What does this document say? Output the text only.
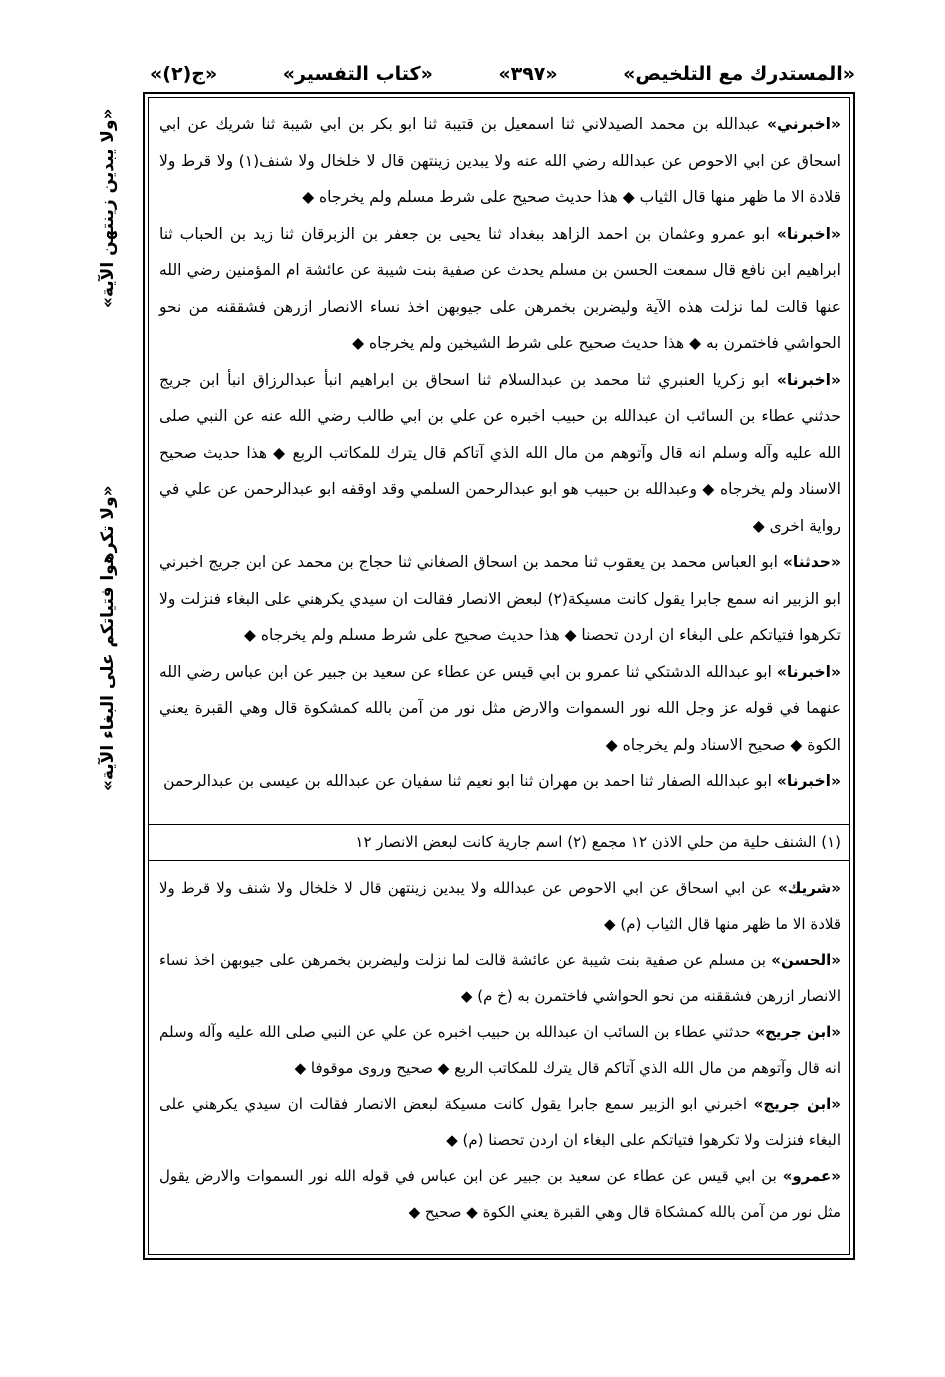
«المستدرك مع التلخيص»
«۳۹۷»
«كتاب التفسير»
«ج(۲)»
«ولا يبدين زينتهن الآية»
«ولا تكرهوا فتياتكم على البغاء الآية»

«اخبرني» عبدالله بن محمد الصيدلاني ثنا اسمعيل بن قتيبة ثنا ابو بكر بن ابي شيبة ثنا شريك عن ابي اسحاق عن ابي الاحوص عن عبدالله رضي الله عنه ولا يبدين زينتهن قال لا خلخال ولا شنف(۱) ولا قرط ولا قلادة الا ما ظهر منها قال الثياب ◆ هذا حديث صحيح على شرط مسلم ولم يخرجاه ◆

«اخبرنا» ابو عمرو وعثمان بن احمد الزاهد ببغداد ثنا يحيى بن جعفر بن الزبرقان ثنا زيد بن الحباب ثنا ابراهيم ابن نافع قال سمعت الحسن بن مسلم يحدث عن صفية بنت شيبة عن عائشة ام المؤمنين رضي الله عنها قالت لما نزلت هذه الآية وليضربن بخمرهن على جيوبهن اخذ نساء الانصار ازرهن فشققنه من نحو الحواشي فاختمرن به ◆ هذا حديث صحيح على شرط الشيخين ولم يخرجاه ◆

«اخبرنا» ابو زكريا العنبري ثنا محمد بن عبدالسلام ثنا اسحاق بن ابراهيم انبأ عبدالرزاق انبأ ابن جريج حدثني عطاء بن السائب ان عبدالله بن حبيب اخبره عن علي بن ابي طالب رضي الله عنه عن النبي صلى الله عليه وآله وسلم انه قال وآتوهم من مال الله الذي آتاكم قال يترك للمكاتب الربع ◆ هذا حديث صحيح الاسناد ولم يخرجاه ◆ وعبدالله بن حبيب هو ابو عبدالرحمن السلمي وقد اوقفه ابو عبدالرحمن عن علي في رواية اخرى ◆

«حدثنا» ابو العباس محمد بن يعقوب ثنا محمد بن اسحاق الصغاني ثنا حجاج بن محمد عن ابن جريج اخبرني ابو الزبير انه سمع جابرا يقول كانت مسيكة(۲) لبعض الانصار فقالت ان سيدي يكرهني على البغاء فنزلت ولا تكرهوا فتياتكم على البغاء ان اردن تحصنا ◆ هذا حديث صحيح على شرط مسلم ولم يخرجاه ◆

«اخبرنا» ابو عبدالله الدشتكي ثنا عمرو بن ابي قيس عن عطاء عن سعيد بن جبير عن ابن عباس رضي الله عنهما في قوله عز وجل الله نور السموات والارض مثل نور من آمن بالله كمشكوة قال وهي القبرة يعني الكوة ◆ صحيح الاسناد ولم يخرجاه ◆

«اخبرنا» ابو عبدالله الصفار ثنا احمد بن مهران ثنا ابو نعيم ثنا سفيان عن عبدالله بن عيسى بن عبدالرحمن

(۱) الشنف حلية من حلي الاذن ۱۲ مجمع (۲) اسم جارية كانت لبعض الانصار ۱۲

«شريك» عن ابي اسحاق عن ابي الاحوص عن عبدالله ولا يبدين زينتهن قال لا خلخال ولا شنف ولا قرط ولا قلادة الا ما ظهر منها قال الثياب (م) ◆

«الحسن» بن مسلم عن صفية بنت شيبة عن عائشة قالت لما نزلت وليضربن بخمرهن على جيوبهن اخذ نساء الانصار ازرهن فشققنه من نحو الحواشي فاختمرن به (خ م) ◆

«ابن جريج» حدثني عطاء بن السائب ان عبدالله بن حبيب اخبره عن علي عن النبي صلى الله عليه وآله وسلم انه قال وآتوهم من مال الله الذي آتاكم قال يترك للمكاتب الربع ◆ صحيح وروى موقوفا ◆

«ابن جريج» اخبرني ابو الزبير سمع جابرا يقول كانت مسيكة لبعض الانصار فقالت ان سيدي يكرهني على البغاء فنزلت ولا تكرهوا فتياتكم على البغاء ان اردن تحصنا (م) ◆

«عمرو» بن ابي قيس عن عطاء عن سعيد بن جبير عن ابن عباس في قوله الله نور السموات والارض يقول مثل نور من آمن بالله كمشكاة قال وهي القبرة يعني الكوة ◆ صحيح ◆
